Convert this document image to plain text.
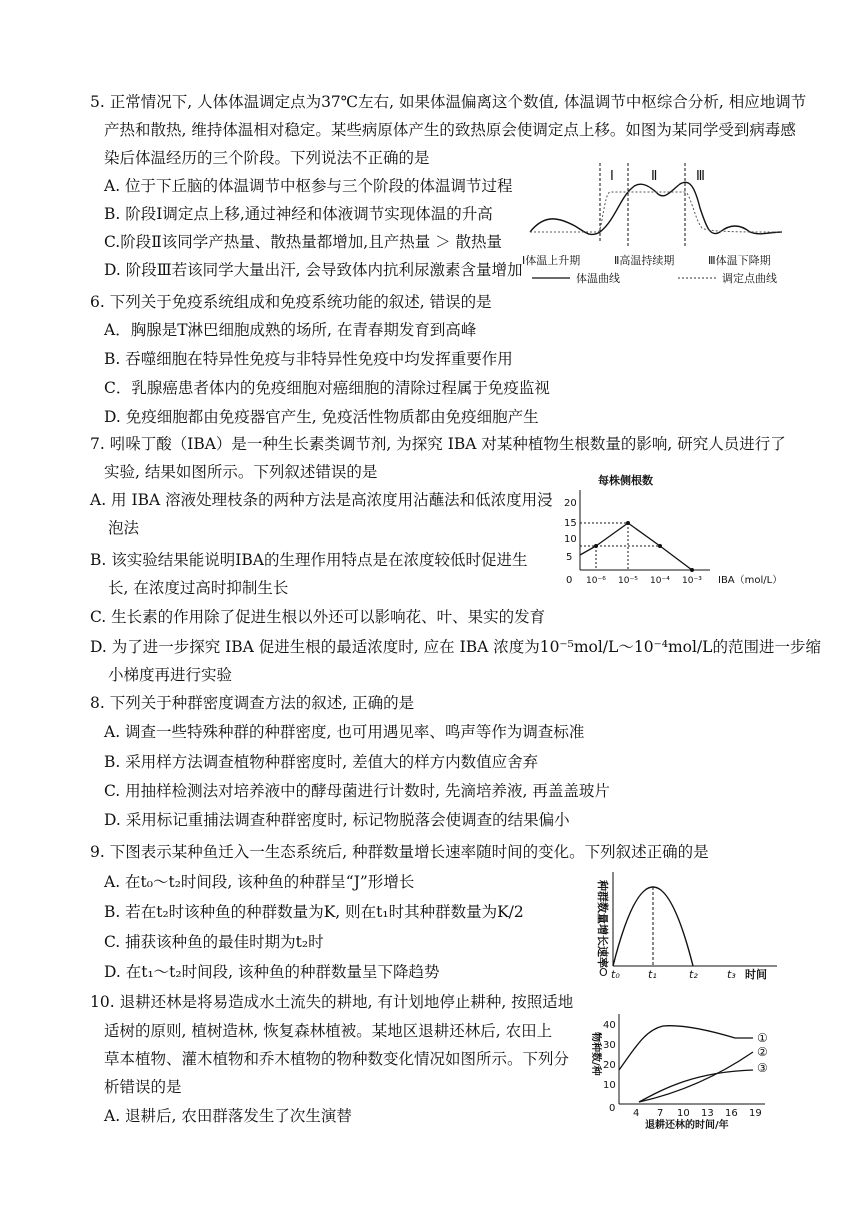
5. 正常情况下, 人体体温调定点为37℃左右, 如果体温偏离这个数值, 体温调节中枢综合分析, 相应地调节
产热和散热, 维持体温相对稳定。某些病原体产生的致热原会使调定点上移。如图为某同学受到病毒感
染后体温经历的三个阶段。下列说法不正确的是
A. 位于下丘脑的体温调节中枢参与三个阶段的体温调节过程
B. 阶段Ⅰ调定点上移,通过神经和体液调节实现体温的升高
C.阶段Ⅱ该同学产热量、散热量都增加,且产热量 ＞ 散热量
D. 阶段Ⅲ若该同学大量出汗, 会导致体内抗利尿激素含量增加
Ⅰ	Ⅱ	Ⅲ
Ⅰ体温上升期	Ⅱ高温持续期	Ⅲ体温下降期
体温曲线	调定点曲线
6. 下列关于免疫系统组成和免疫系统功能的叙述, 错误的是
A．胸腺是T淋巴细胞成熟的场所, 在青春期发育到高峰
B. 吞噬细胞在特异性免疫与非特异性免疫中均发挥重要作用
C．乳腺癌患者体内的免疫细胞对癌细胞的清除过程属于免疫监视
D. 免疫细胞都由免疫器官产生, 免疫活性物质都由免疫细胞产生
7. 吲哚丁酸（IBA）是一种生长素类调节剂, 为探究 IBA 对某种植物生根数量的影响, 研究人员进行了
实验, 结果如图所示。下列叙述错误的是
A. 用 IBA 溶液处理枝条的两种方法是高浓度用沾蘸法和低浓度用浸
泡法
B. 该实验结果能说明IBA的生理作用特点是在浓度较低时促进生
长, 在浓度过高时抑制生长
C. 生长素的作用除了促进生根以外还可以影响花、叶、果实的发育
D. 为了进一步探究 IBA 促进生根的最适浓度时, 应在 IBA 浓度为10⁻⁵mol/L～10⁻⁴mol/L的范围进一步缩
小梯度再进行实验
每株侧根数
20
15
10
5
0 10⁻⁶ 10⁻⁵ 10⁻⁴ 10⁻³ IBA（mol/L）
8. 下列关于种群密度调查方法的叙述, 正确的是
A. 调查一些特殊种群的种群密度, 也可用遇见率、鸣声等作为调查标准
B. 采用样方法调查植物种群密度时, 差值大的样方内数值应舍弃
C. 用抽样检测法对培养液中的酵母菌进行计数时, 先滴培养液, 再盖盖玻片
D. 采用标记重捕法调查种群密度时, 标记物脱落会使调查的结果偏小
9. 下图表示某种鱼迁入一生态系统后, 种群数量增长速率随时间的变化。下列叙述正确的是
A. 在t₀～t₂时间段, 该种鱼的种群呈“J”形增长
B. 若在t₂时该种鱼的种群数量为K, 则在t₁时其种群数量为K/2
C. 捕获该种鱼的最佳时期为t₂时
D. 在t₁～t₂时间段, 该种鱼的种群数量呈下降趋势
种群数量增长速率
O t₀	t₁	t₂	t₃ 时间
10. 退耕还林是将易造成水土流失的耕地, 有计划地停止耕种, 按照适地
适树的原则, 植树造林, 恢复森林植被。某地区退耕还林后, 农田上
草本植物、灌木植物和乔木植物的物种数变化情况如图所示。下列分
析错误的是
A. 退耕后, 农田群落发生了次生演替
物种数/种
40
30
20
10
0 4 7 10 13 16 19
退耕还林的时间/年
①
②
③
